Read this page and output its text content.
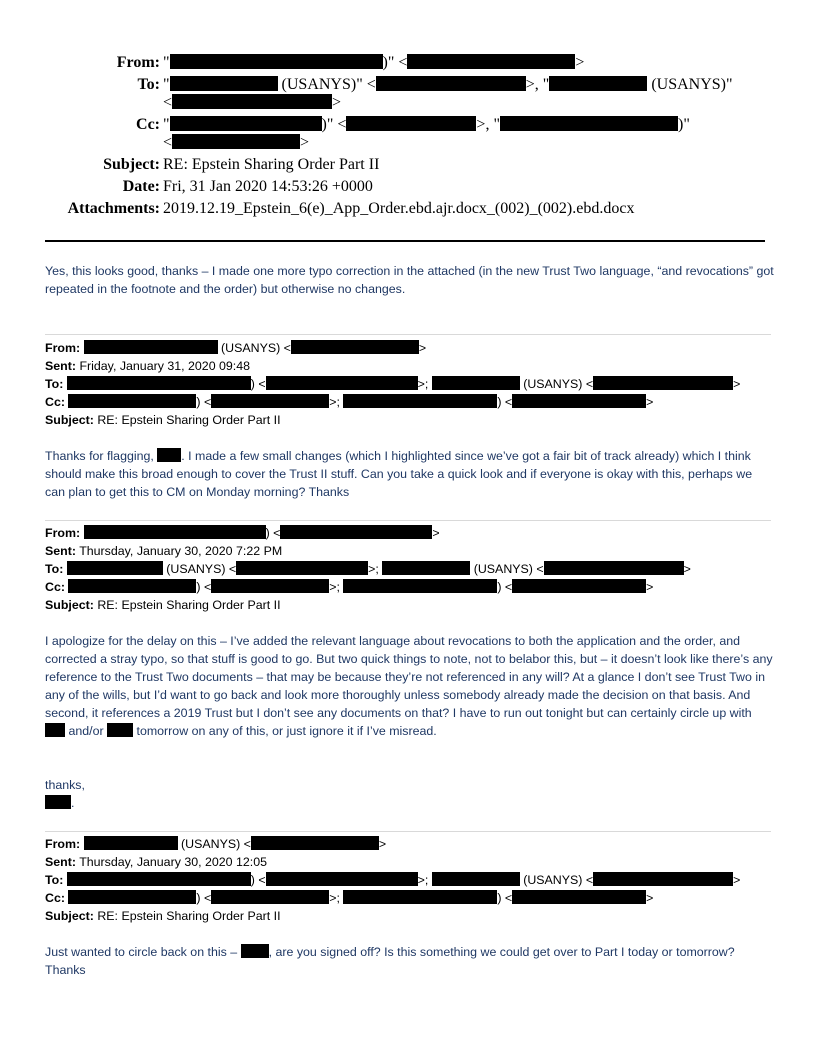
From: "	)" <	>
To: "	(USANYS)" <	>, "	(USANYS)"
<	>
Cc: "	)" <	>, "	)"
<	>
Subject: RE: Epstein Sharing Order Part II
Date: Fri, 31 Jan 2020 14:53:26 +0000
Attachments: 2019.12.19_Epstein_6(e)_App_Order.ebd.ajr.docx_(002)_(002).ebd.docx
Yes, this looks good, thanks – I made one more typo correction in the attached (in the new Trust Two language, “and revocations” got repeated in the footnote and the order) but otherwise no changes.
From:	(USANYS) <	>
Sent: Friday, January 31, 2020 09:48
To:	) <	>;	(USANYS) <	>
Cc:	) <	>;	) <	>
Subject: RE: Epstein Sharing Order Part II
Thanks for flagging, . I made a few small changes (which I highlighted since we’ve got a fair bit of track already) which I think should make this broad enough to cover the Trust II stuff. Can you take a quick look and if everyone is okay with this, perhaps we can plan to get this to CM on Monday morning? Thanks
From:	) <	>
Sent: Thursday, January 30, 2020 7:22 PM
To:	(USANYS) <	>;	(USANYS) <	>
Cc:	) <	>;	) <	>
Subject: RE: Epstein Sharing Order Part II
I apologize for the delay on this – I’ve added the relevant language about revocations to both the application and the order, and corrected a stray typo, so that stuff is good to go. But two quick things to note, not to belabor this, but – it doesn’t look like there’s any reference to the Trust Two documents – that may be because they’re not referenced in any will? At a glance I don’t see Trust Two in any of the wills, but I’d want to go back and look more thoroughly unless somebody already made the decision on that basis. And second, it references a 2019 Trust but I don’t see any documents on that? I have to run out tonight but can certainly circle up with  and/or	tomorrow on any of this, or just ignore it if I’ve misread.
thanks,
.
From:	(USANYS) <	>
Sent: Thursday, January 30, 2020 12:05
To:	) <	>;	(USANYS) <	>
Cc:	) <	>;	) <	>
Subject: RE: Epstein Sharing Order Part II
Just wanted to circle back on this –	, are you signed off? Is this something we could get over to Part I today or tomorrow? Thanks
